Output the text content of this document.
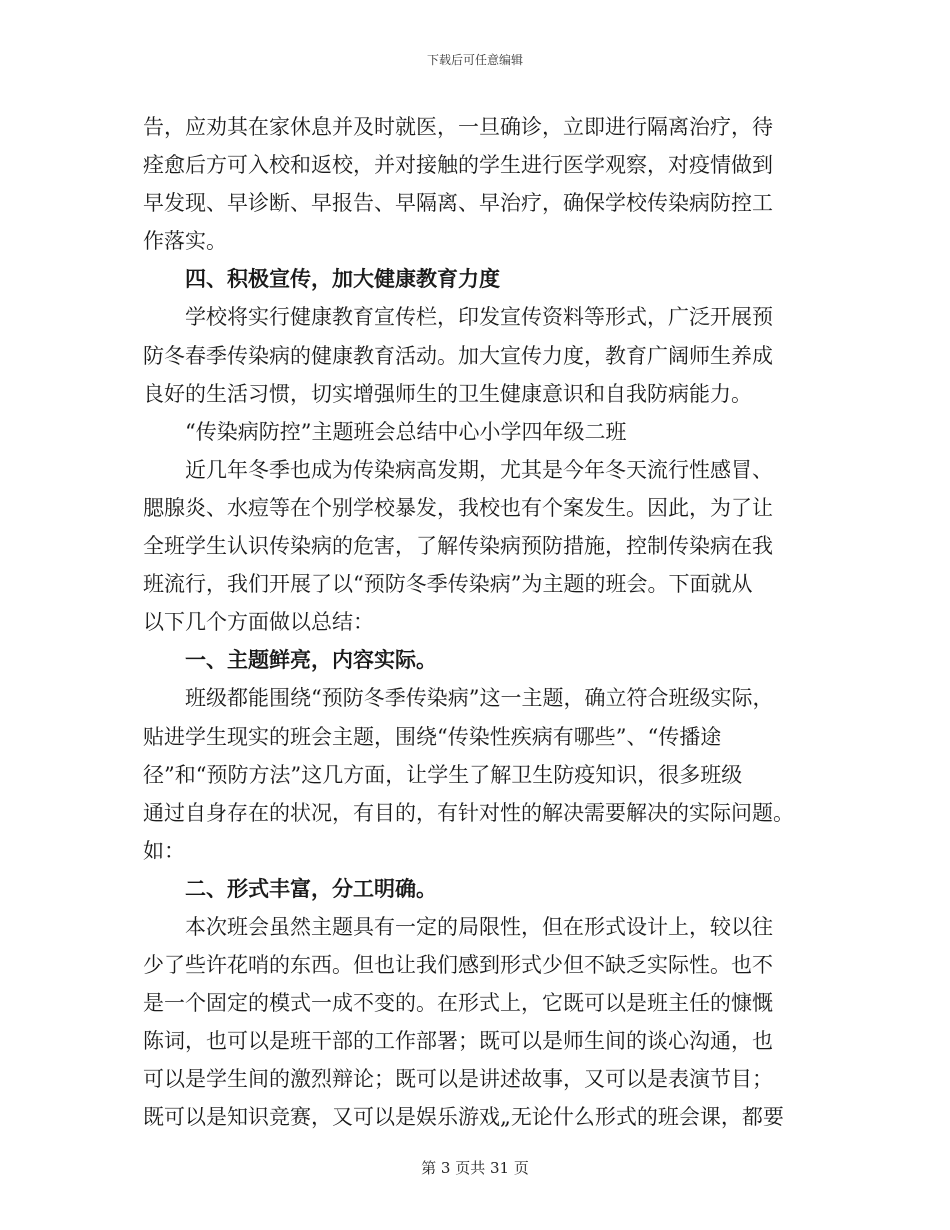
下载后可任意编辑
告，应劝其在家休息并及时就医，一旦确诊，立即进行隔离治疗，待
痊愈后方可入校和返校，并对接触的学生进行医学观察，对疫情做到
早发现、早诊断、早报告、早隔离、早治疗，确保学校传染病防控工
作落实。
四、积极宣传，加大健康教育力度
学校将实行健康教育宣传栏，印发宣传资料等形式，广泛开展预
防冬春季传染病的健康教育活动。加大宣传力度，教育广阔师生养成
良好的生活习惯，切实增强师生的卫生健康意识和自我防病能力。
“传染病防控”主题班会总结中心小学四年级二班
近几年冬季也成为传染病高发期，尤其是今年冬天流行性感冒、
腮腺炎、水痘等在个别学校暴发，我校也有个案发生。因此，为了让
全班学生认识传染病的危害，了解传染病预防措施，控制传染病在我
班流行，我们开展了以“预防冬季传染病”为主题的班会。下面就从
以下几个方面做以总结：
一、主题鲜亮，内容实际。
班级都能围绕“预防冬季传染病”这一主题，确立符合班级实际，
贴进学生现实的班会主题，围绕“传染性疾病有哪些”、“传播途
径”和“预防方法”这几方面，让学生了解卫生防疫知识，很多班级
通过自身存在的状况，有目的，有针对性的解决需要解决的实际问题。
如：
二、形式丰富，分工明确。
本次班会虽然主题具有一定的局限性，但在形式设计上，较以往
少了些许花哨的东西。但也让我们感到形式少但不缺乏实际性。也不
是一个固定的模式一成不变的。在形式上，它既可以是班主任的慷慨
陈词，也可以是班干部的工作部署；既可以是师生间的谈心沟通，也
可以是学生间的激烈辩论；既可以是讲述故事，又可以是表演节目；
既可以是知识竞赛，又可以是娱乐游戏„无论什么形式的班会课，都要
第 3 页共 31 页
